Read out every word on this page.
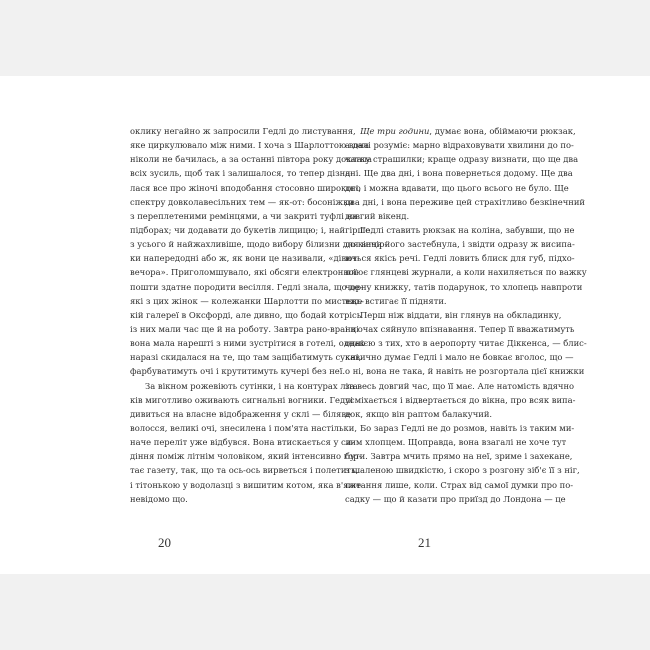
оклику негайно ж запросили Гедлі до листування,
яке циркулювало між ними. І хоча з Шарлоттою вона
ніколи не бачилась, а за останні півтора року доклала
всіх зусиль, щоб так і залишалося, то тепер дізна-
лася все про жіночі вподобання стосовно широкого
спектру довколавесільних тем — як-от: босоніжки
з переплетеними ремінцями, а чи закриті туфлі на
підборах; чи додавати до букетів лищицю; і, найгірше
з усього й найжахливіше, щодо вибору білизни для вечір-
ки напередодні або ж, як вони це називали, «дівич-
вечора». Приголомшувало, які обсяги електронної
пошти здатне породити весілля. Гедлі знала, що де-
які з цих жінок — колежанки Шарлотти по мистець-
кій галереї в Оксфорді, але дивно, що бодай котрісь
із них мали час ще й на роботу. Завтра рано-вранці
вона мала нарешті з ними зустрітися в готелі, однак
наразі скидалася на те, що там защібатимуть сукні,
фарбуватимуть очі і крутитимуть кучері без неї.
За вікном рожевіють сутінки, і на контурах літа-
ків миготливо оживають сигнальні вогники. Гедлі
дивиться на власне відображення у склі — біляве
волосся, великі очі, знесилена і пом'ята настільки,
наче переліт уже відбувся. Вона втискається у си-
діння поміж літнім чоловіком, який інтенсивно гор-
тає газету, так, що та ось-ось вирветься і полетить,
і тітонькою у водолазці з вишитим котом, яка в'яже
невідомо що.
Ще три години, думає вона, обіймаючи рюкзак,
а далі розуміє: марно відраховувати хвилини до по-
чатку страшилки; краще одразу визнати, що ще два
дні. Ще два дні, і вона повернеться додому. Ще два
дні, і можна вдавати, що цього всього не було. Ще
два дні, і вона переживе цей страхітливо безкінечний
довгий вікенд.
Гедлі ставить рюкзак на коліна, забувши, що не
до кінця його застебнула, і звідти одразу ж висипа-
ються якісь речі. Гедлі ловить блиск для губ, підхо-
плює глянцеві журнали, а коли нахиляється по важку
чорну книжку, татів подарунок, то хлопець навпроти
вже встигає її підняти.
Перш ніж віддати, він глянув на обкладинку,
і в очах сяйнуло впізнавання. Тепер її вважатимуть
однією з тих, хто в аеропорту читає Діккенса, — блис-
кавично думає Гедлі і мало не бовкає вголос, що —
о ні, вона не така, й навіть не розгортала цієї книжки
за весь довгий час, що її має. Але натомість вдячно
усміхається і відвертається до вікна, про всяк випа-
док, якщо він раптом балакучий.
Бо зараз Гедлі не до розмов, навіть із таким ми-
лим хлопцем. Щоправда, вона взагалі не хоче тут
бути. Завтра мчить прямо на неї, зриме і захекане,
з шаленою швидкістю, і скоро з розгону зіб'є її з ніг,
питання лише, коли. Страх від самої думки про по-
садку — що й казати про приїзд до Лондона — це
20	21
